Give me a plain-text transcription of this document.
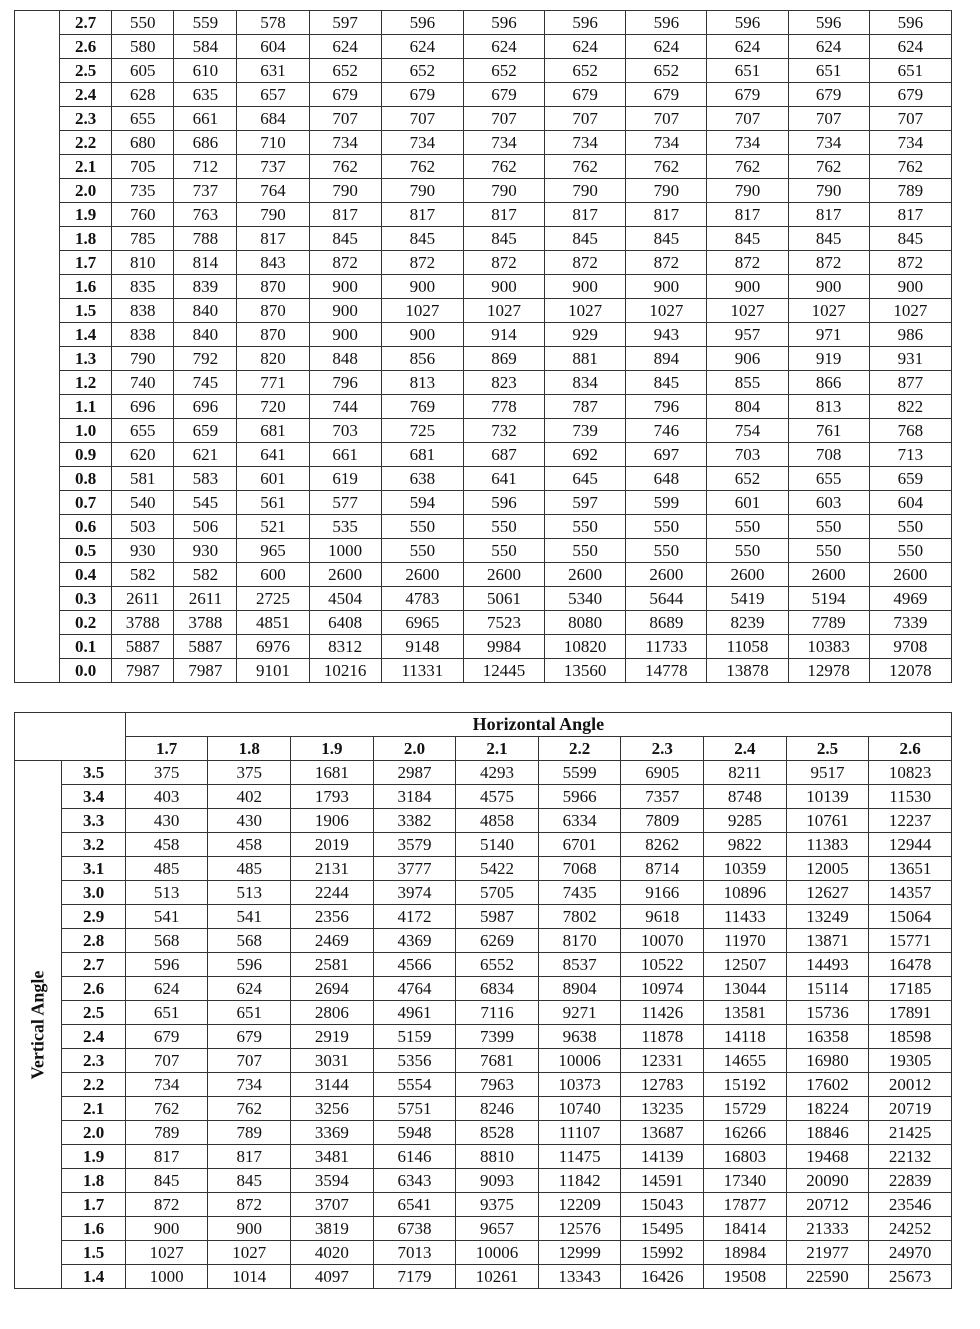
	2.7	550	559	578	597	596	596	596	596	596	596	596
	2.6	580	584	604	624	624	624	624	624	624	624	624
	2.5	605	610	631	652	652	652	652	652	651	651	651
	2.4	628	635	657	679	679	679	679	679	679	679	679
	2.3	655	661	684	707	707	707	707	707	707	707	707
	2.2	680	686	710	734	734	734	734	734	734	734	734
	2.1	705	712	737	762	762	762	762	762	762	762	762
	2.0	735	737	764	790	790	790	790	790	790	790	789
	1.9	760	763	790	817	817	817	817	817	817	817	817
	1.8	785	788	817	845	845	845	845	845	845	845	845
	1.7	810	814	843	872	872	872	872	872	872	872	872
	1.6	835	839	870	900	900	900	900	900	900	900	900
	1.5	838	840	870	900	1027	1027	1027	1027	1027	1027	1027
	1.4	838	840	870	900	900	914	929	943	957	971	986
	1.3	790	792	820	848	856	869	881	894	906	919	931
	1.2	740	745	771	796	813	823	834	845	855	866	877
	1.1	696	696	720	744	769	778	787	796	804	813	822
	1.0	655	659	681	703	725	732	739	746	754	761	768
	0.9	620	621	641	661	681	687	692	697	703	708	713
	0.8	581	583	601	619	638	641	645	648	652	655	659
	0.7	540	545	561	577	594	596	597	599	601	603	604
	0.6	503	506	521	535	550	550	550	550	550	550	550
	0.5	930	930	965	1000	550	550	550	550	550	550	550
	0.4	582	582	600	2600	2600	2600	2600	2600	2600	2600	2600
	0.3	2611	2611	2725	4504	4783	5061	5340	5644	5419	5194	4969
	0.2	3788	3788	4851	6408	6965	7523	8080	8689	8239	7789	7339
	0.1	5887	5887	6976	8312	9148	9984	10820	11733	11058	10383	9708
	0.0	7987	7987	9101	10216	11331	12445	13560	14778	13878	12978	12078
		Horizontal Angle									
		1.7	1.8	1.9	2.0	2.1	2.2	2.3	2.4	2.5	2.6

Vertical Angle	3.5	375	375	1681	2987	4293	5599	6905	8211	9517	10823
	3.4	403	402	1793	3184	4575	5966	7357	8748	10139	11530
	3.3	430	430	1906	3382	4858	6334	7809	9285	10761	12237
	3.2	458	458	2019	3579	5140	6701	8262	9822	11383	12944
	3.1	485	485	2131	3777	5422	7068	8714	10359	12005	13651
	3.0	513	513	2244	3974	5705	7435	9166	10896	12627	14357
	2.9	541	541	2356	4172	5987	7802	9618	11433	13249	15064
	2.8	568	568	2469	4369	6269	8170	10070	11970	13871	15771
	2.7	596	596	2581	4566	6552	8537	10522	12507	14493	16478
	2.6	624	624	2694	4764	6834	8904	10974	13044	15114	17185
	2.5	651	651	2806	4961	7116	9271	11426	13581	15736	17891
	2.4	679	679	2919	5159	7399	9638	11878	14118	16358	18598
	2.3	707	707	3031	5356	7681	10006	12331	14655	16980	19305
	2.2	734	734	3144	5554	7963	10373	12783	15192	17602	20012
	2.1	762	762	3256	5751	8246	10740	13235	15729	18224	20719
	2.0	789	789	3369	5948	8528	11107	13687	16266	18846	21425
	1.9	817	817	3481	6146	8810	11475	14139	16803	19468	22132
	1.8	845	845	3594	6343	9093	11842	14591	17340	20090	22839
	1.7	872	872	3707	6541	9375	12209	15043	17877	20712	23546
	1.6	900	900	3819	6738	9657	12576	15495	18414	21333	24252
	1.5	1027	1027	4020	7013	10006	12999	15992	18984	21977	24970
	1.4	1000	1014	4097	7179	10261	13343	16426	19508	22590	25673
